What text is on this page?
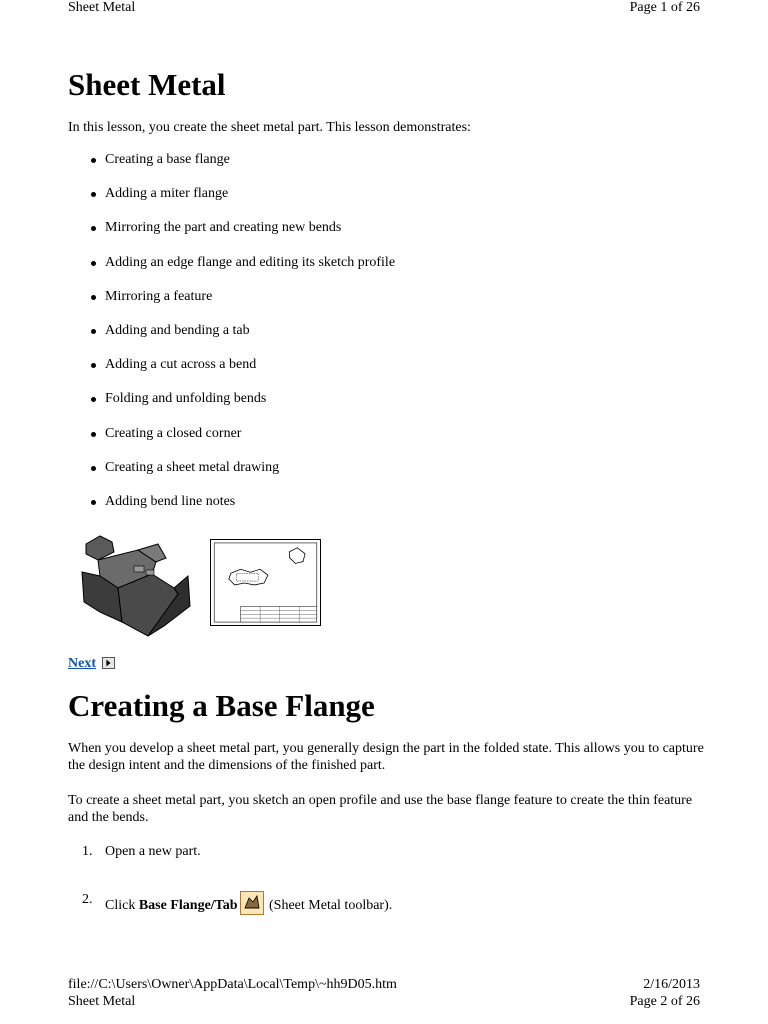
Sheet Metal	Page 1 of 26
Sheet Metal

In this lesson, you create the sheet metal part. This lesson demonstrates:

Creating a base flange
Adding a miter flange
Mirroring the part and creating new bends
Adding an edge flange and editing its sketch profile
Mirroring a feature
Adding and bending a tab
Adding a cut across a bend
Folding and unfolding bends
Creating a closed corner
Creating a sheet metal drawing
Adding bend line notes
Next
Creating a Base Flange

When you develop a sheet metal part, you generally design the part in the folded state. This allows you to capture the design intent and the dimensions of the finished part.

To create a sheet metal part, you sketch an open profile and use the base flange feature to create the thin feature and the bends.

1. Open a new part.
2. Click Base Flange/Tab (Sheet Metal toolbar).
file://C:\Users\Owner\AppData\Local\Temp\~hh9D05.htm	2/16/2013
Sheet Metal	Page 2 of 26
